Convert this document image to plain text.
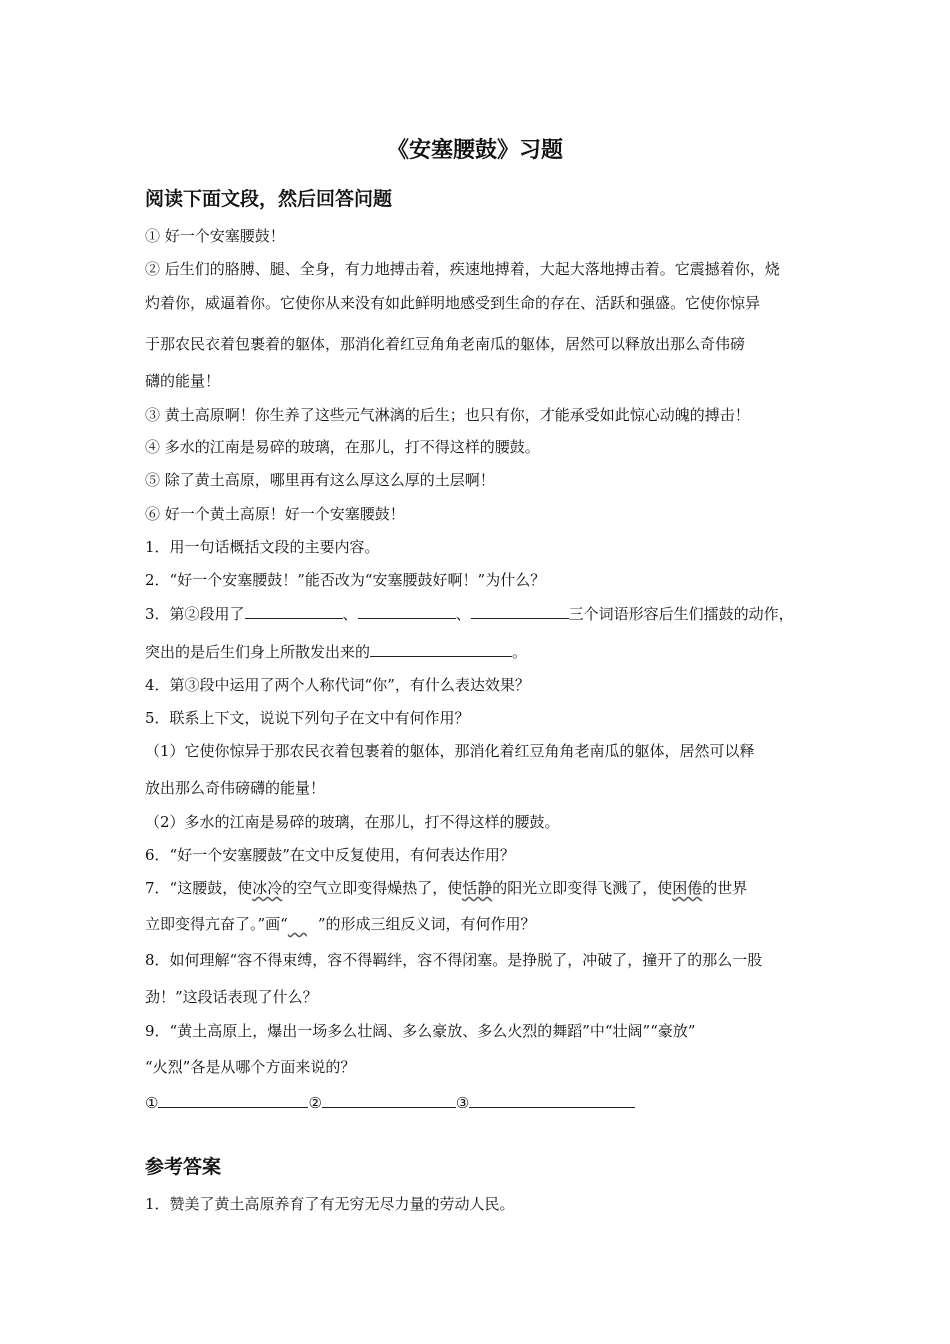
《安塞腰鼓》习题
阅读下面文段，然后回答问题
① 好一个安塞腰鼓！
② 后生们的胳膊、腿、全身，有力地搏击着，疾速地搏着，大起大落地搏击着。它震撼着你，烧
灼着你，威逼着你。它使你从来没有如此鲜明地感受到生命的存在、活跃和强盛。它使你惊异
于那农民衣着包裹着的躯体，那消化着红豆角角老南瓜的躯体，居然可以释放出那么奇伟磅
礴的能量！
③ 黄土高原啊！你生养了这些元气淋漓的后生；也只有你，才能承受如此惊心动魄的搏击！
④ 多水的江南是易碎的玻璃，在那儿，打不得这样的腰鼓。
⑤ 除了黄土高原，哪里再有这么厚这么厚的土层啊！
⑥ 好一个黄土高原！好一个安塞腰鼓！
1．用一句话概括文段的主要内容。
2．“好一个安塞腰鼓！”能否改为“安塞腰鼓好啊！”为什么？
3．第②段用了	、	、	三个词语形容后生们擂鼓的动作，
突出的是后生们身上所散发出来的	。
4．第③段中运用了两个人称代词“你”，有什么表达效果？
5．联系上下文，说说下列句子在文中有何作用？
（1）它使你惊异于那农民衣着包裹着的躯体，那消化着红豆角角老南瓜的躯体，居然可以释
放出那么奇伟磅礴的能量！
（2）多水的江南是易碎的玻璃，在那儿，打不得这样的腰鼓。
6．“好一个安塞腰鼓”在文中反复使用，有何表达作用？
7．“这腰鼓，使冰冷的空气立即变得燥热了，使恬静的阳光立即变得飞溅了，使困倦的世界
立即变得亢奋了。”画“ ”的形成三组反义词，有何作用？
8．如何理解“容不得束缚，容不得羁绊，容不得闭塞。是挣脱了，冲破了，撞开了的那么一股
劲！”这段话表现了什么？
9．“黄土高原上，爆出一场多么壮阔、多么豪放、多么火烈的舞蹈”中“壮阔”“豪放”
“火烈”各是从哪个方面来说的？
①	②	③
参考答案
1．赞美了黄土高原养育了有无穷无尽力量的劳动人民。
